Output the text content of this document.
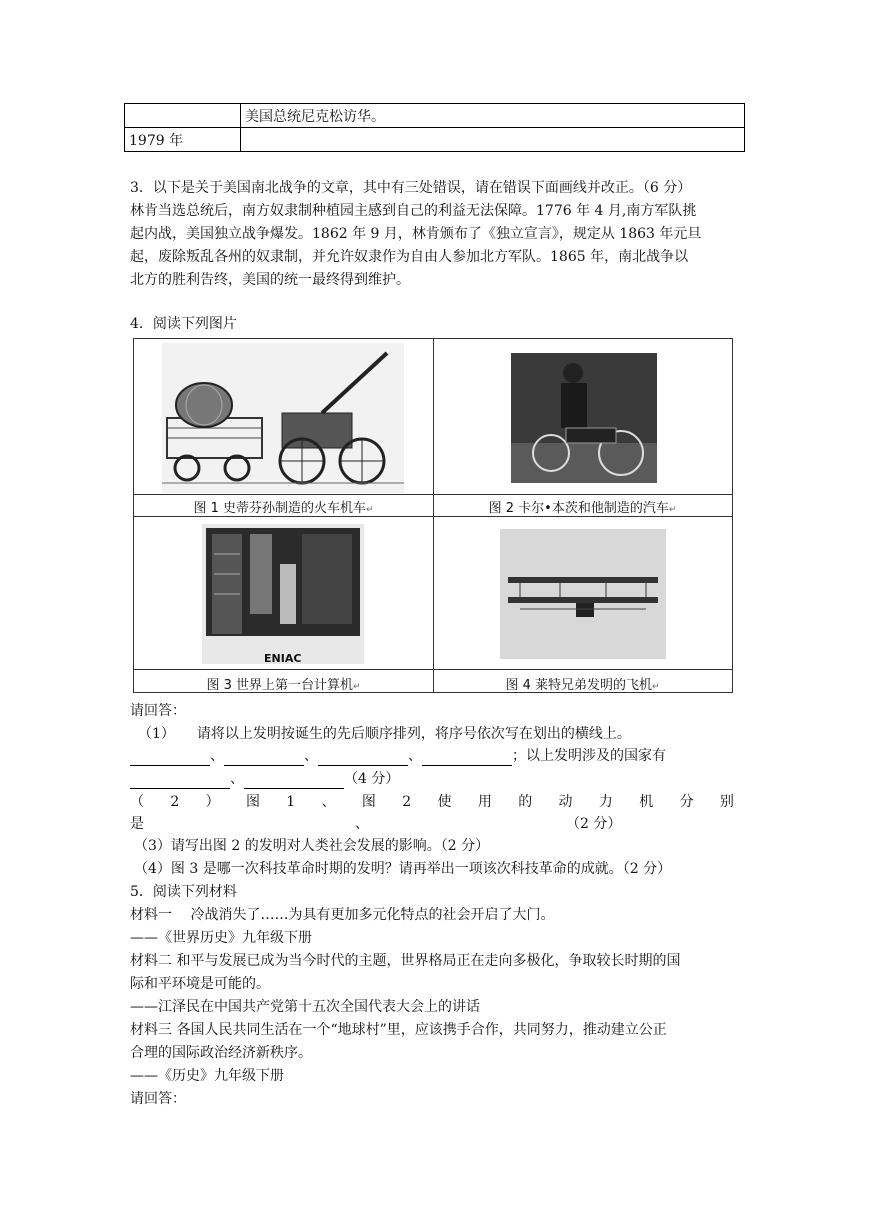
	美国总统尼克松访华。
1979 年	
3．以下是关于美国南北战争的文章，其中有三处错误，请在错误下面画线并改正。（6 分）
林肯当选总统后，南方奴隶制种植园主感到自己的利益无法保障。1776 年 4 月,南方军队挑
起内战，美国独立战争爆发。1862 年 9 月，林肯颁布了《独立宣言》，规定从 1863 年元旦
起，废除叛乱各州的奴隶制，并允许奴隶作为自由人参加北方军队。1865 年，南北战争以
北方的胜利告终，美国的统一最终得到维护。
4．阅读下列图片
图 1 史蒂芬孙制造的火车机车↵	图 2 卡尔•本茨和他制造的汽车↵
ENIAC
图 3 世界上第一台计算机↵	图 4 莱特兄弟发明的飞机↵
请回答：
（1） 请将以上发明按诞生的先后顺序排列，将序号依次写在划出的横线上。
、	、	、	；以上发明涉及的国家有
、	（4 分）
（ 2 ） 图 1 、 图 2 使 用 的 动 力 机 分 别
是	、	（2 分）
（3）请写出图 2 的发明对人类社会发展的影响。（2 分）
（4）图 3 是哪一次科技革命时期的发明？请再举出一项该次科技革命的成就。（2 分）
5．阅读下列材料
材料一　 冷战消失了……为具有更加多元化特点的社会开启了大门。
——《世界历史》九年级下册
材料二 和平与发展已成为当今时代的主题，世界格局正在走向多极化，争取较长时期的国
际和平环境是可能的。
——江泽民在中国共产党第十五次全国代表大会上的讲话
材料三 各国人民共同生活在一个“地球村”里，应该携手合作，共同努力，推动建立公正
合理的国际政治经济新秩序。
——《历史》九年级下册
请回答：
